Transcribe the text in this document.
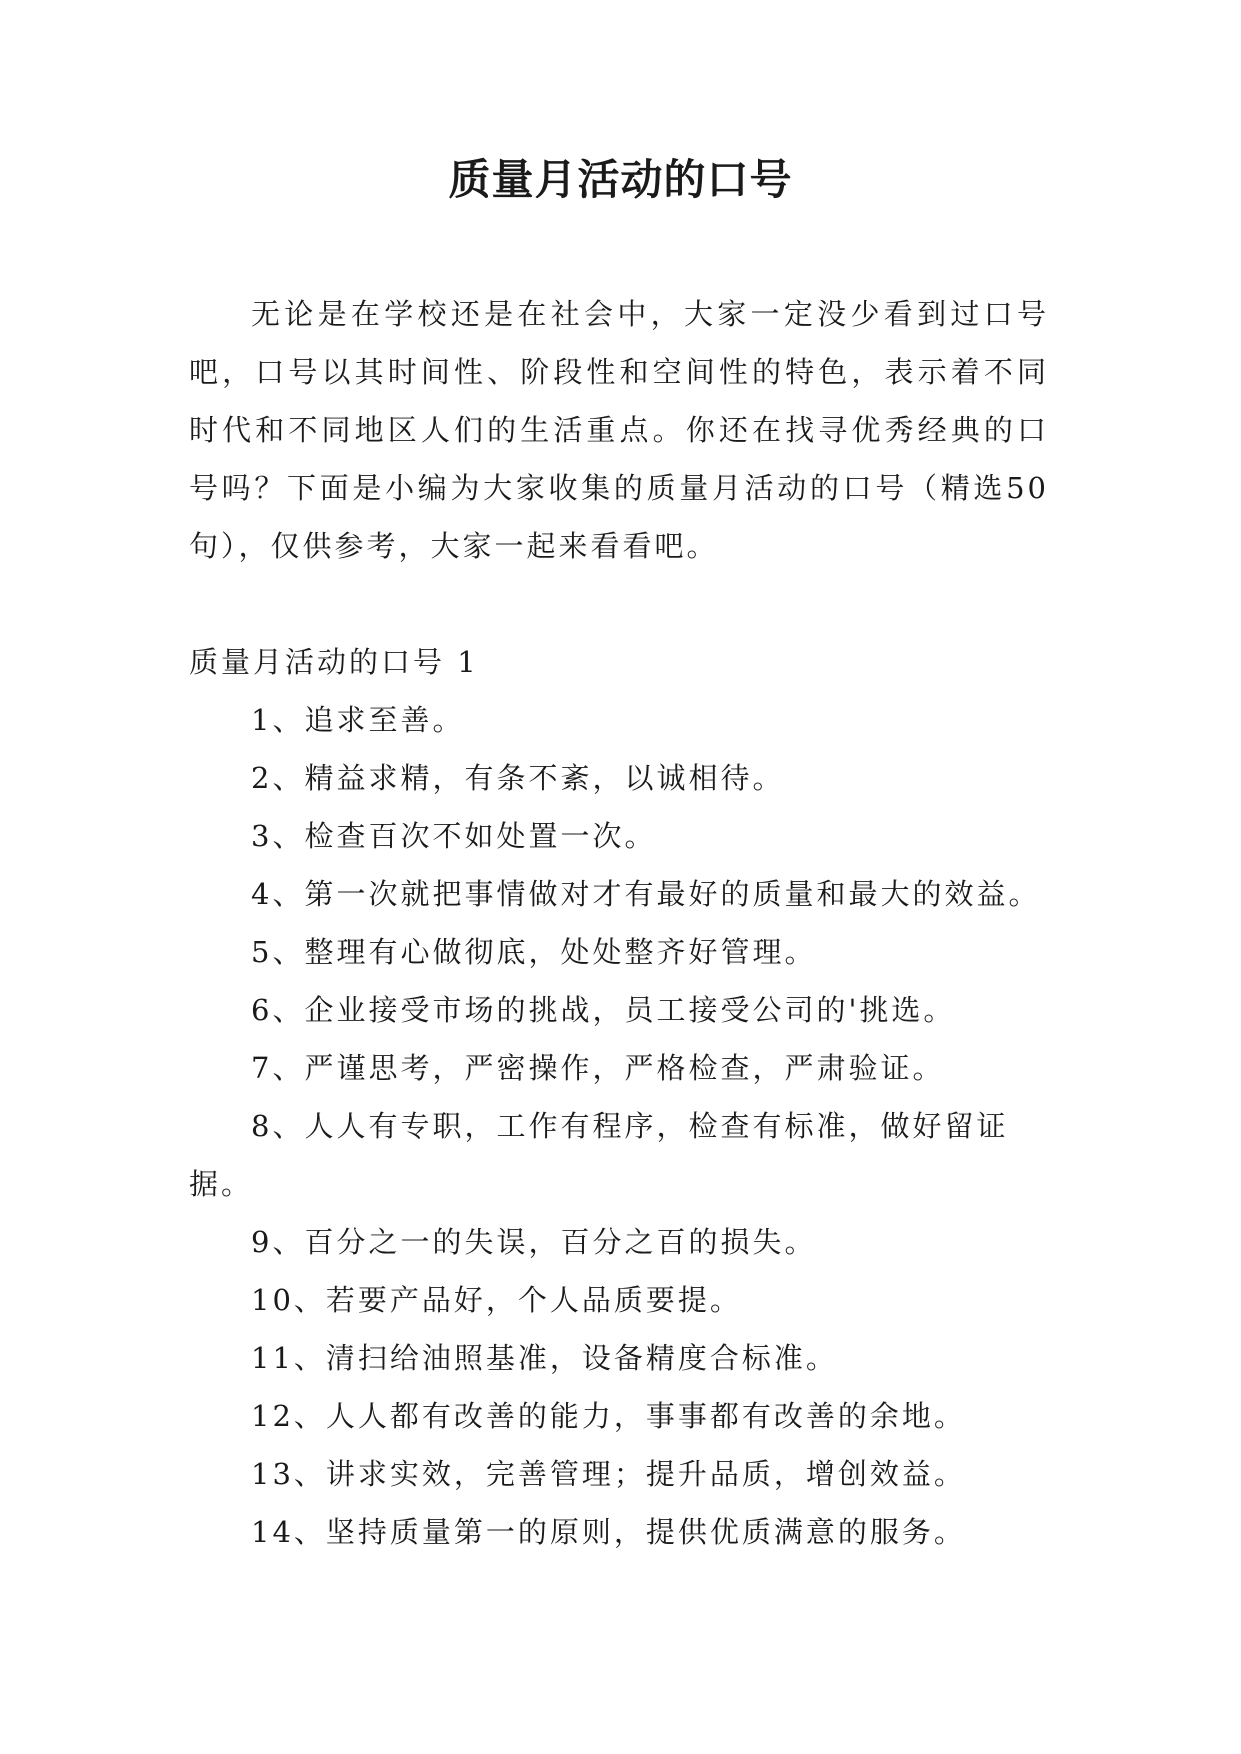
质量月活动的口号

无论是在学校还是在社会中，大家一定没少看到过口号吧，口号以其时间性、阶段性和空间性的特色，表示着不同时代和不同地区人们的生活重点。你还在找寻优秀经典的口号吗？下面是小编为大家收集的质量月活动的口号（精选50句），仅供参考，大家一起来看看吧。

质量月活动的口号 1

1、追求至善。
2、精益求精，有条不紊，以诚相待。
3、检查百次不如处置一次。
4、第一次就把事情做对才有最好的质量和最大的效益。
5、整理有心做彻底，处处整齐好管理。
6、企业接受市场的挑战，员工接受公司的'挑选。
7、严谨思考，严密操作，严格检查，严肃验证。
8、人人有专职，工作有程序，检查有标准，做好留证据。
9、百分之一的失误，百分之百的损失。
10、若要产品好，个人品质要提。
11、清扫给油照基准，设备精度合标准。
12、人人都有改善的能力，事事都有改善的余地。
13、讲求实效，完善管理；提升品质，增创效益。
14、坚持质量第一的原则，提供优质满意的服务。
